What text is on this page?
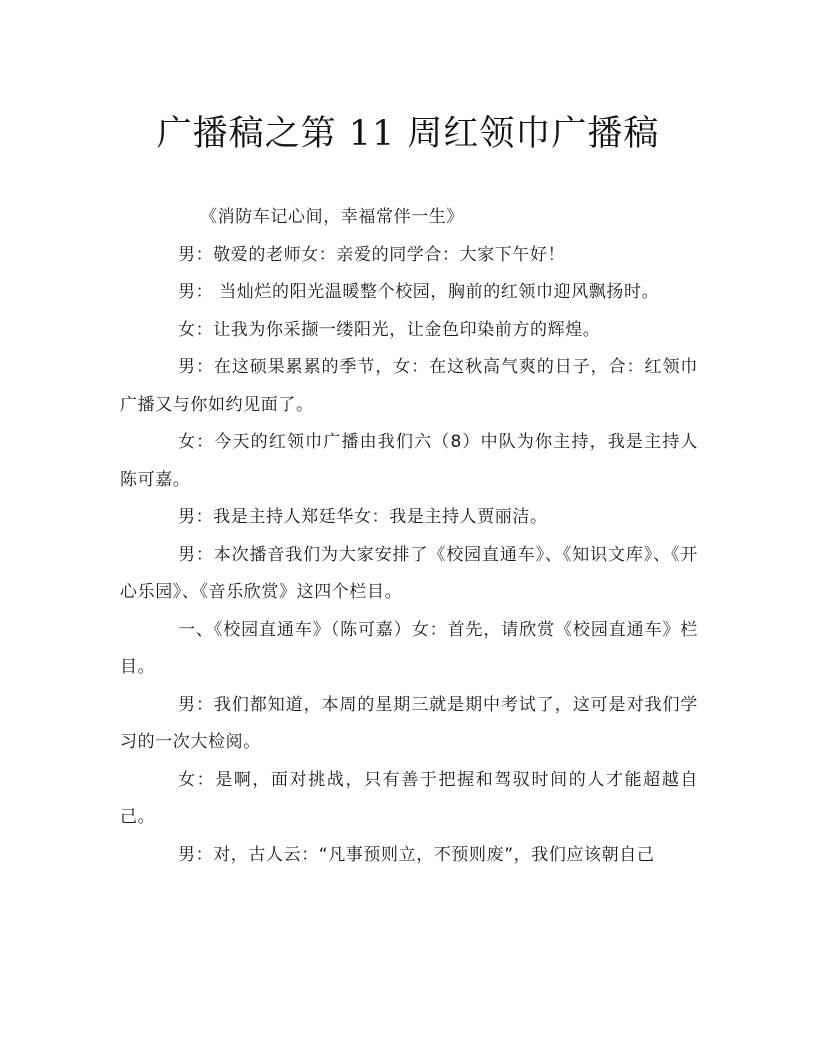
广播稿之第 11 周红领巾广播稿

《消防车记心间，幸福常伴一生》

男：敬爱的老师女：亲爱的同学合：大家下午好！

男： 当灿烂的阳光温暖整个校园，胸前的红领巾迎风飘扬时。

女：让我为你采撷一缕阳光，让金色印染前方的辉煌。

男：在这硕果累累的季节，女：在这秋高气爽的日子，合：红领巾广播又与你如约见面了。

女：今天的红领巾广播由我们六（8）中队为你主持，我是主持人陈可嘉。

男：我是主持人郑廷华女：我是主持人贾丽洁。

男：本次播音我们为大家安排了《校园直通车》、《知识文库》、《开心乐园》、《音乐欣赏》这四个栏目。

一、《校园直通车》（陈可嘉）女：首先，请欣赏《校园直通车》栏目。

男：我们都知道，本周的星期三就是期中考试了，这可是对我们学习的一次大检阅。

女：是啊，面对挑战，只有善于把握和驾驭时间的人才能超越自己。

男：对，古人云：“凡事预则立，不预则废”，我们应该朝自己
